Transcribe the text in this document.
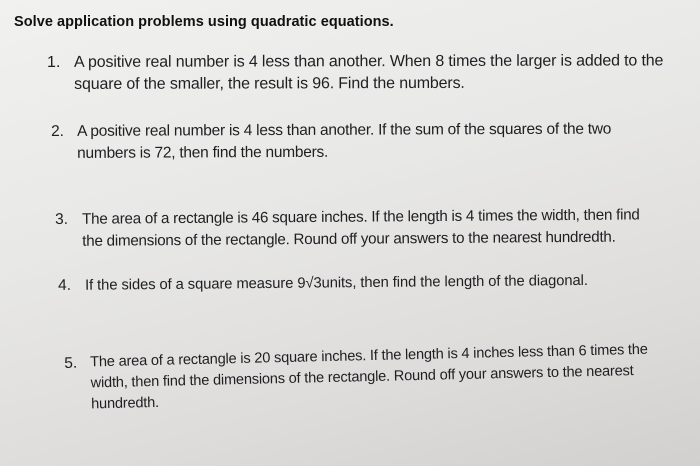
Solve application problems using quadratic equations.
1. A positive real number is 4 less than another. When 8 times the larger is added to the
square of the smaller, the result is 96. Find the numbers.
2. A positive real number is 4 less than another. If the sum of the squares of the two
numbers is 72, then find the numbers.
3. The area of a rectangle is 46 square inches. If the length is 4 times the width, then find
the dimensions of the rectangle. Round off your answers to the nearest hundredth.
4. If the sides of a square measure 9√3units, then find the length of the diagonal.
5. The area of a rectangle is 20 square inches. If the length is 4 inches less than 6 times the
width, then find the dimensions of the rectangle. Round off your answers to the nearest
hundredth.
